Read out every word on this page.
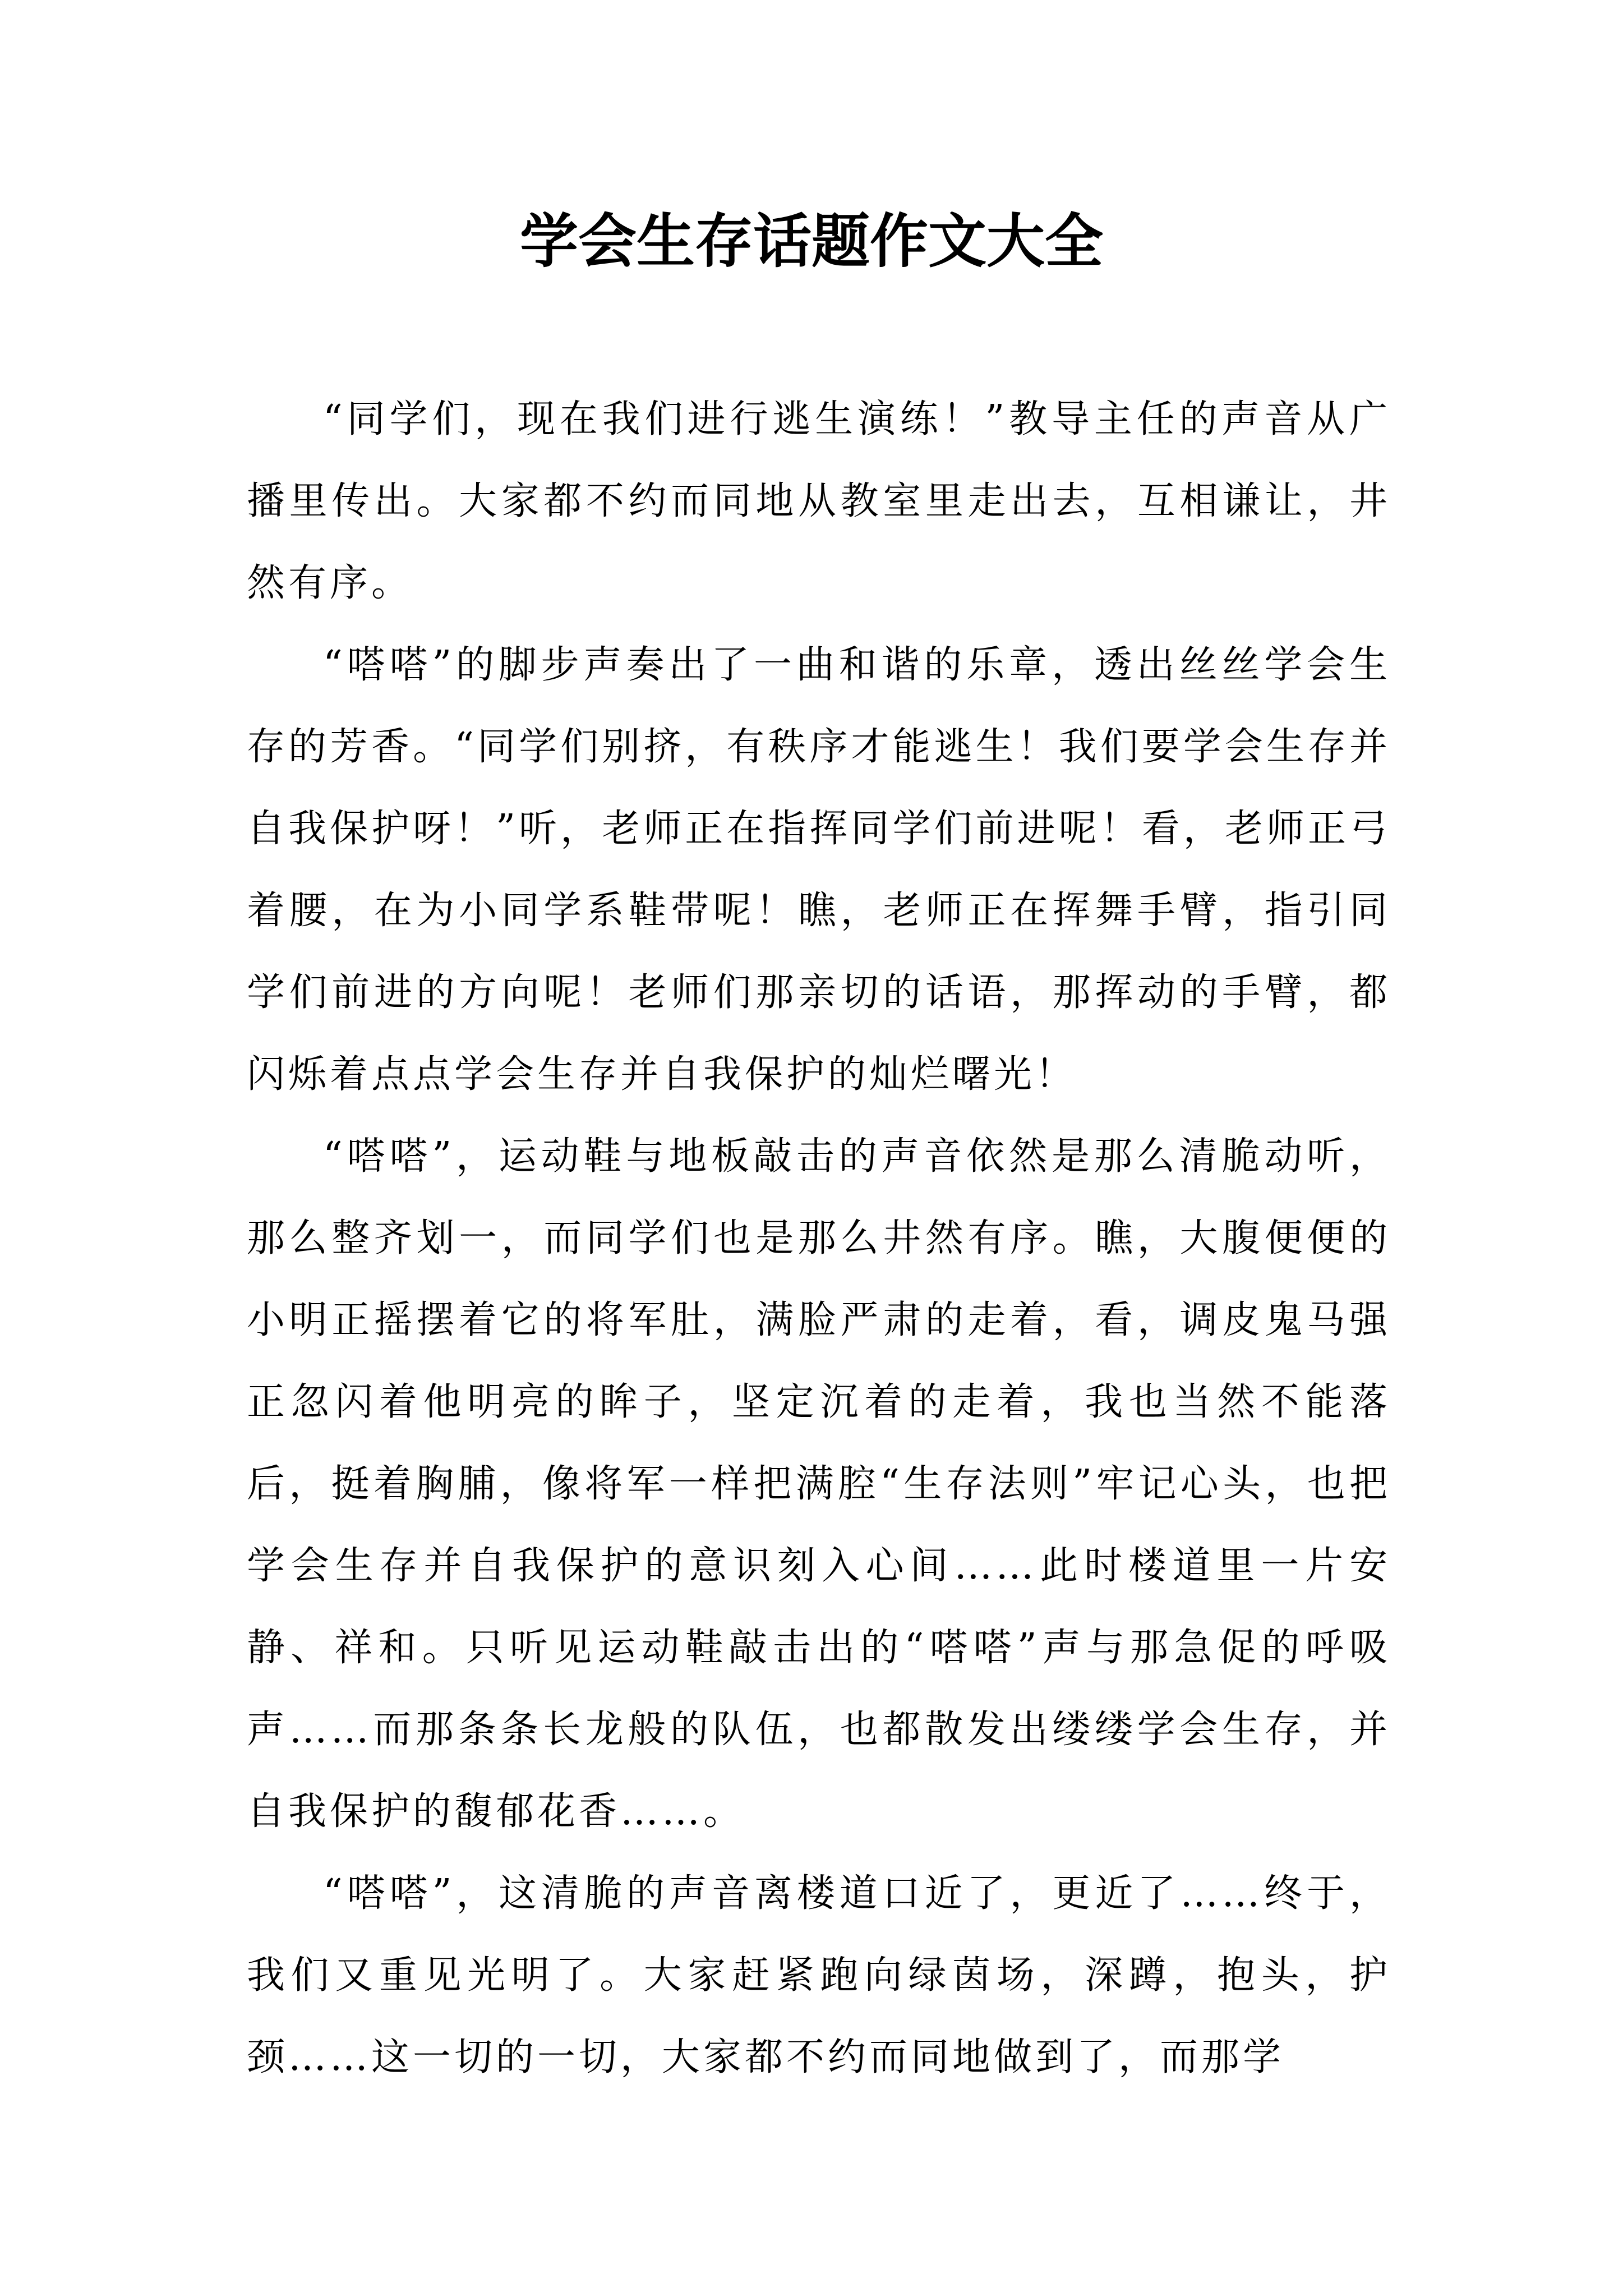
学会生存话题作文大全

“同学们，现在我们进行逃生演练！”教导主任的声音从广播里传出。大家都不约而同地从教室里走出去，互相谦让，井然有序。

“嗒嗒”的脚步声奏出了一曲和谐的乐章，透出丝丝学会生存的芳香。“同学们别挤，有秩序才能逃生！我们要学会生存并自我保护呀！”听，老师正在指挥同学们前进呢！看，老师正弓着腰，在为小同学系鞋带呢！瞧，老师正在挥舞手臂，指引同学们前进的方向呢！老师们那亲切的话语，那挥动的手臂，都闪烁着点点学会生存并自我保护的灿烂曙光！

“嗒嗒”，运动鞋与地板敲击的声音依然是那么清脆动听，那么整齐划一，而同学们也是那么井然有序。瞧，大腹便便的小明正摇摆着它的将军肚，满脸严肃的走着，看，调皮鬼马强正忽闪着他明亮的眸子，坚定沉着的走着，我也当然不能落后，挺着胸脯，像将军一样把满腔“生存法则”牢记心头，也把学会生存并自我保护的意识刻入心间……此时楼道里一片安静、祥和。只听见运动鞋敲击出的“嗒嗒”声与那急促的呼吸声……而那条条长龙般的队伍，也都散发出缕缕学会生存，并自我保护的馥郁花香……。

“嗒嗒”，这清脆的声音离楼道口近了，更近了……终于，我们又重见光明了。大家赶紧跑向绿茵场，深蹲，抱头，护颈……这一切的一切，大家都不约而同地做到了，而那学
